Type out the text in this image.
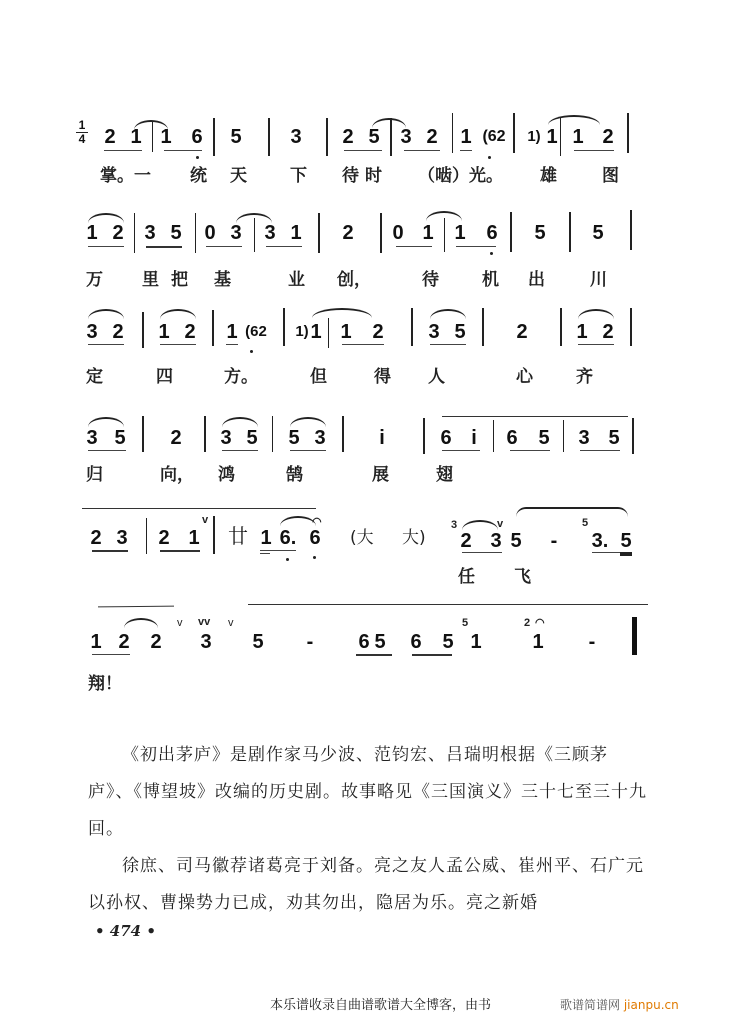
1
4 2 1 1 6 5 3 2 5 3 2 1 (62	1) 1 1 2
掌。一 统 天	下 待时 （啮）光。 雄	图
1 2 3 5 0 3 3 1 2 0 1 1 6 5 5
万 里把 基	业 创，	待	机 出	川
3 2 1 2 1 (62	1) 1 1 2 3 5	2 1 2
定	四	方。	但	得 人	心	齐
3 5 2 3 5 5 3	i	6 i 6 5 3 5
归	向， 鸿	鹄	展	翅
2 3 2 1
v
廿 1 6.
◠
6 (大	大)
3
2 3
v
5 -
5
3. 5
任 飞
1 2 2
v vv v
3 5 - 6 5 6 5
5
1
2 ◠
1 -
翔！
《初出茅庐》是剧作家马少波、范钧宏、吕瑞明根据《三顾茅庐》、《博望坡》改编的历史剧。故事略见《三国演义》三十七至三十九回。
徐庶、司马徽荐诸葛亮于刘备。亮之友人孟公威、崔州平、石广元以孙权、曹操势力已成，劝其勿出，隐居为乐。亮之新婚
• 474 •
本乐谱收录自曲谱歌谱大全博客，由书	歌谱简谱网 jianpu.cn
